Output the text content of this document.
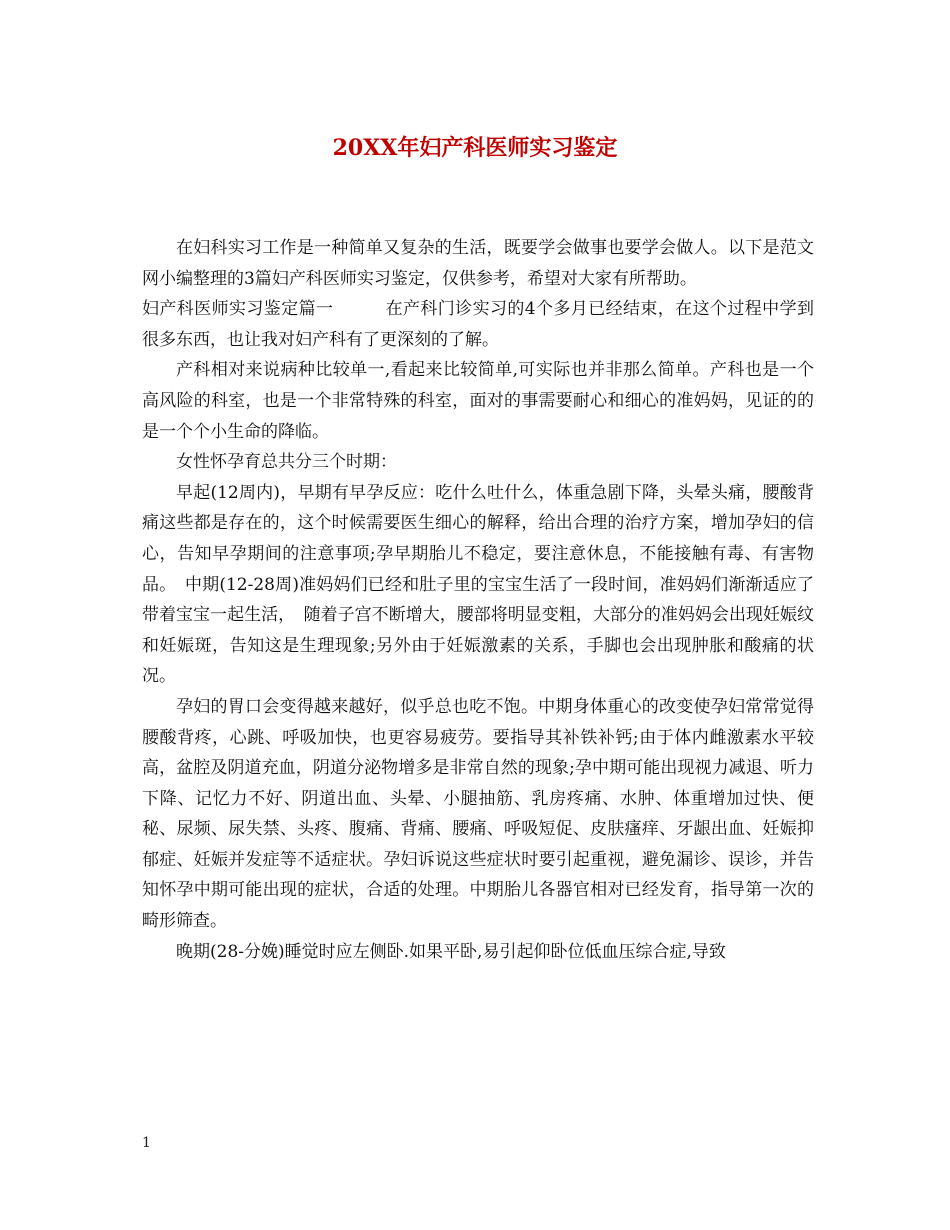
20XX年妇产科医师实习鉴定

在妇科实习工作是一种简单又复杂的生活，既要学会做事也要学会做人。以下是范文网小编整理的3篇妇产科医师实习鉴定，仅供参考，希望对大家有所帮助。

妇产科医师实习鉴定篇一　　　在产科门诊实习的4个多月已经结束，在这个过程中学到很多东西，也让我对妇产科有了更深刻的了解。

产科相对来说病种比较单一,看起来比较简单,可实际也并非那么简单。产科也是一个高风险的科室，也是一个非常特殊的科室，面对的事需要耐心和细心的准妈妈，见证的的是一个个小生命的降临。

女性怀孕育总共分三个时期：

早起(12周内)，早期有早孕反应：吃什么吐什么，体重急剧下降，头晕头痛，腰酸背痛这些都是存在的，这个时候需要医生细心的解释，给出合理的治疗方案，增加孕妇的信心，告知早孕期间的注意事项;孕早期胎儿不稳定，要注意休息，不能接触有毒、有害物品。　中期(12-28周)准妈妈们已经和肚子里的宝宝生活了一段时间，准妈妈们渐渐适应了带着宝宝一起生活，　随着子宫不断增大，腰部将明显变粗，大部分的准妈妈会出现妊娠纹和妊娠斑，告知这是生理现象;另外由于妊娠激素的关系，手脚也会出现肿胀和酸痛的状况。

孕妇的胃口会变得越来越好，似乎总也吃不饱。中期身体重心的改变使孕妇常常觉得腰酸背疼，心跳、呼吸加快，也更容易疲劳。要指导其补铁补钙;由于体内雌激素水平较高，盆腔及阴道充血，阴道分泌物增多是非常自然的现象;孕中期可能出现视力减退、听力下降、记忆力不好、阴道出血、头晕、小腿抽筋、乳房疼痛、水肿、体重增加过快、便秘、尿频、尿失禁、头疼、腹痛、背痛、腰痛、呼吸短促、皮肤瘙痒、牙龈出血、妊娠抑郁症、妊娠并发症等不适症状。孕妇诉说这些症状时要引起重视，避免漏诊、误诊，并告知怀孕中期可能出现的症状，合适的处理。中期胎儿各器官相对已经发育，指导第一次的畸形筛查。

晚期(28-分娩)睡觉时应左侧卧.如果平卧,易引起仰卧位低血压综合症,导致

1
